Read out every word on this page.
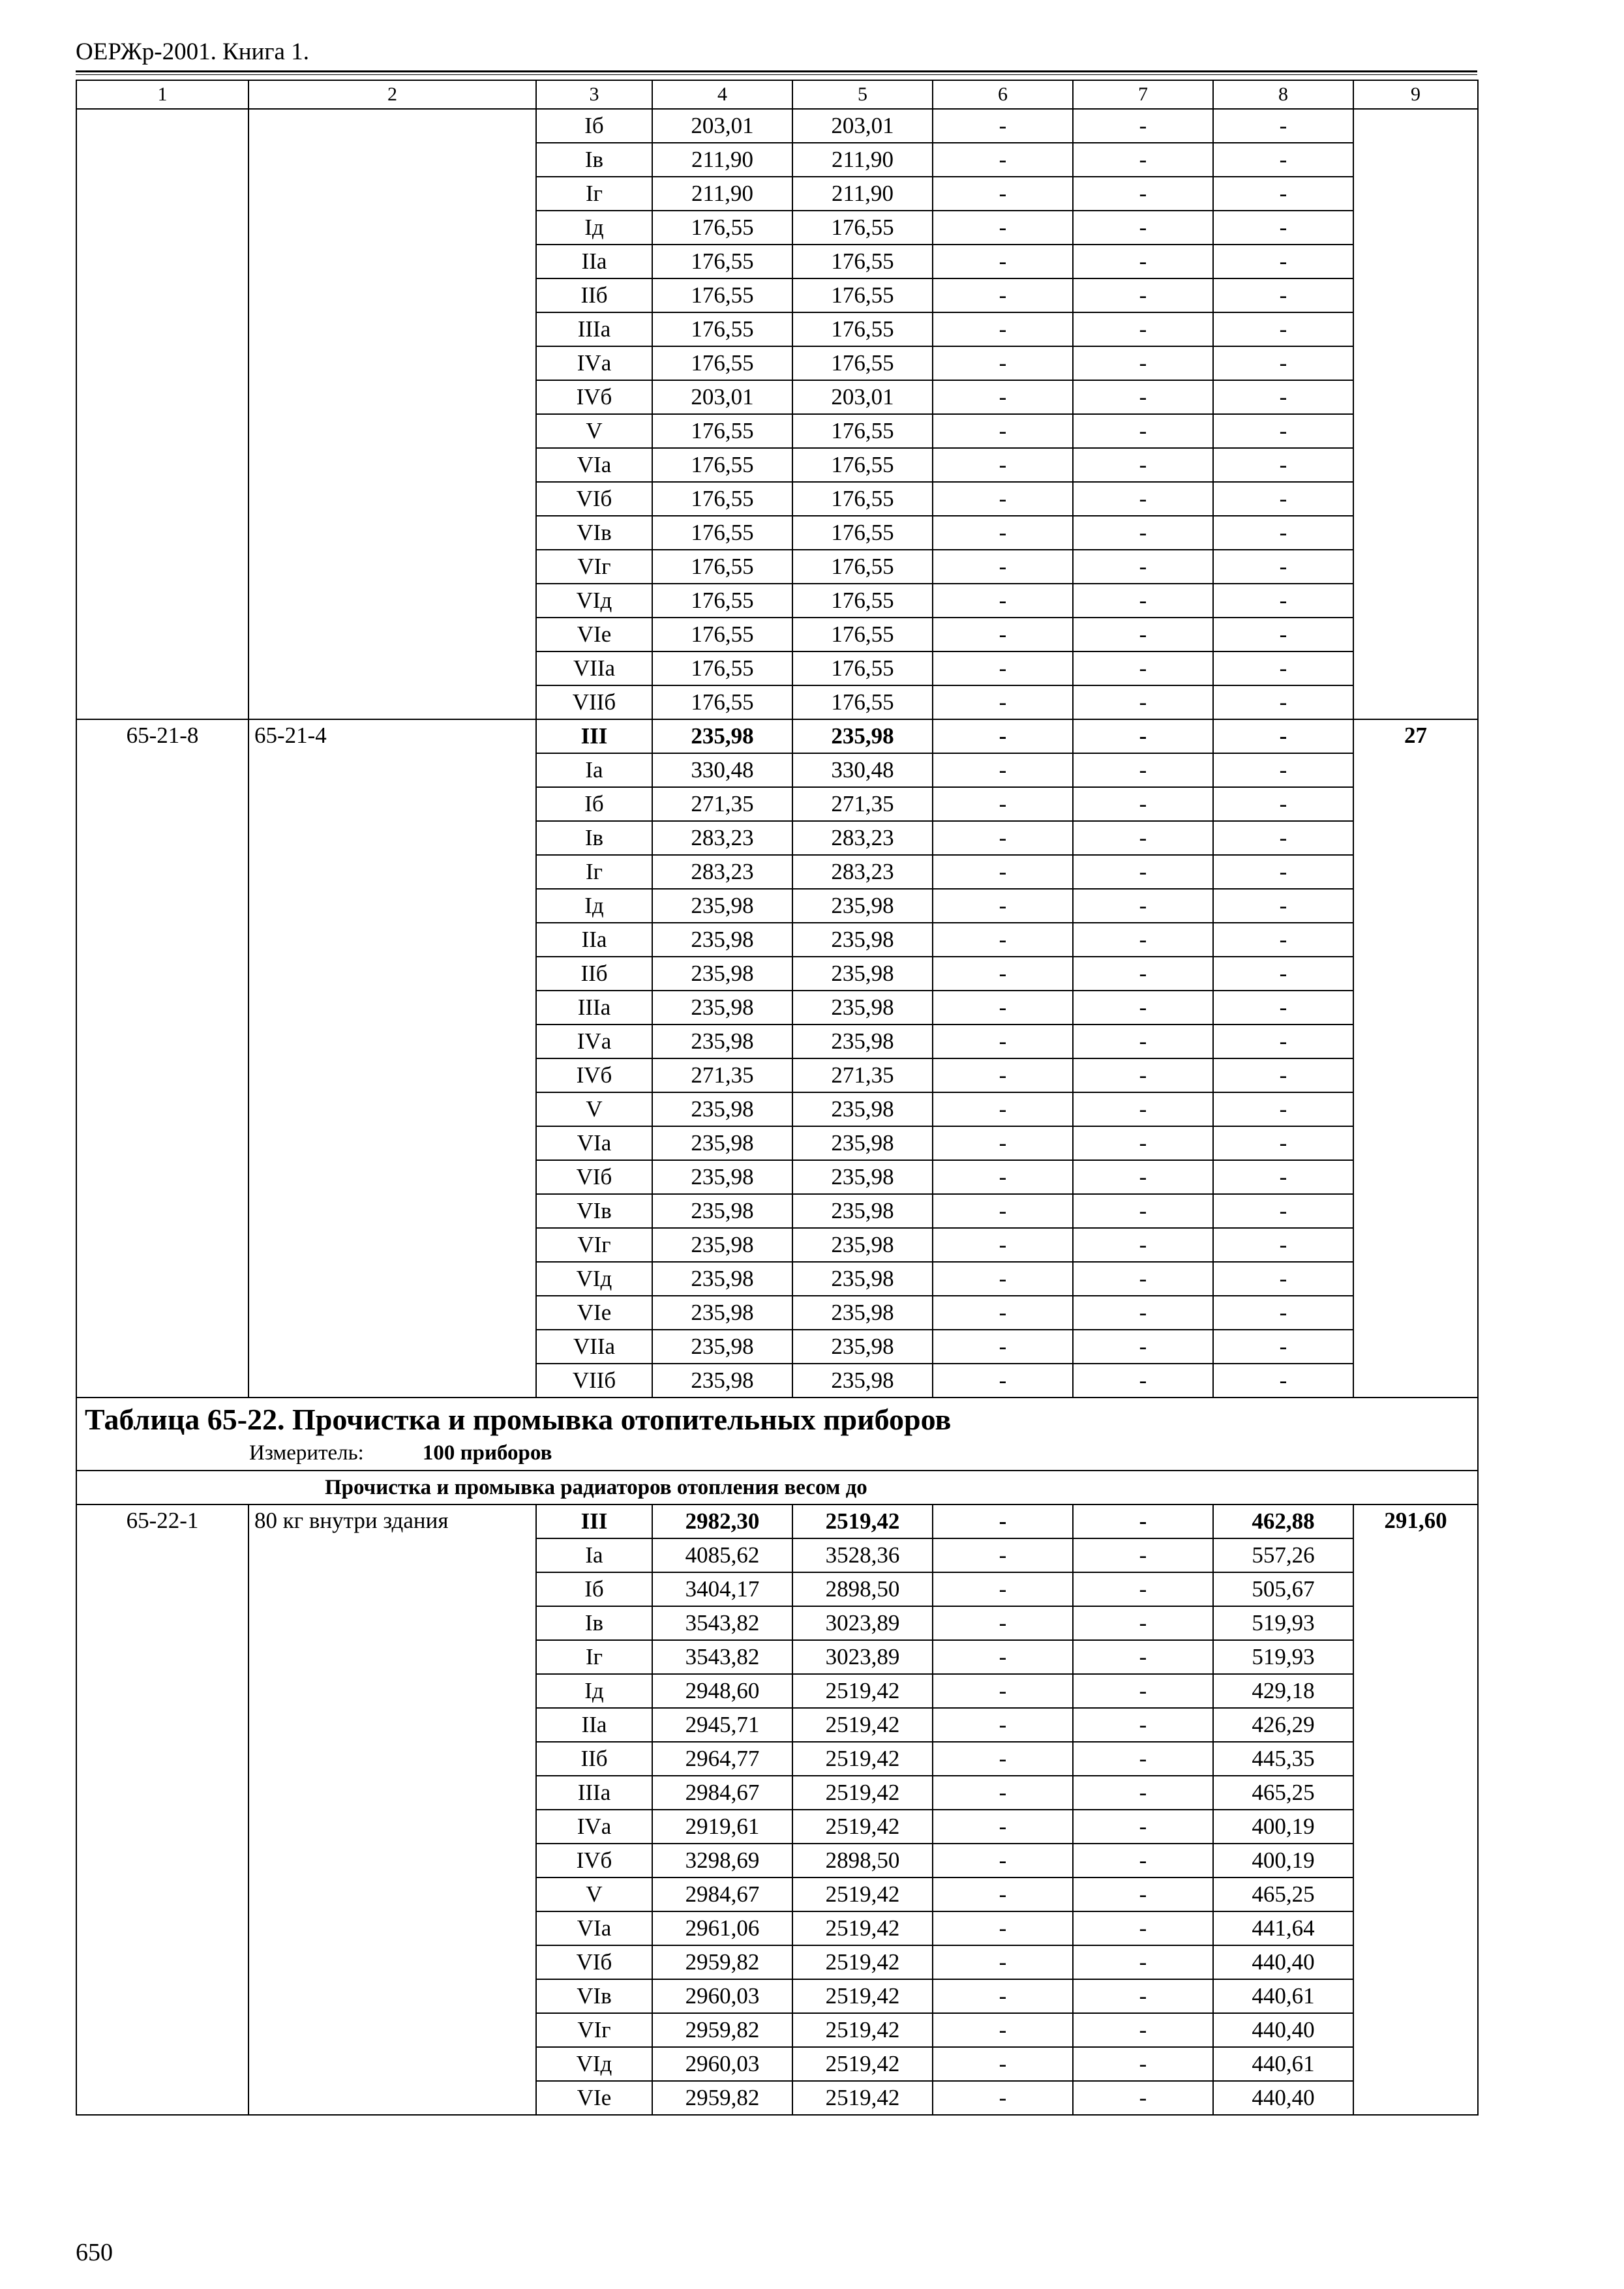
ОЕРЖр-2001. Книга 1.
1	2	3	4	5	6	7	8	9
		Iб	203,01	203,01	-	-	-	
		Iв	211,90	211,90	-	-	-	
		Iг	211,90	211,90	-	-	-	
		Iд	176,55	176,55	-	-	-	
		IIа	176,55	176,55	-	-	-	
		IIб	176,55	176,55	-	-	-	
		IIIа	176,55	176,55	-	-	-	
		IVа	176,55	176,55	-	-	-	
		IVб	203,01	203,01	-	-	-	
		V	176,55	176,55	-	-	-	
		VIа	176,55	176,55	-	-	-	
		VIб	176,55	176,55	-	-	-	
		VIв	176,55	176,55	-	-	-	
		VIг	176,55	176,55	-	-	-	
		VIд	176,55	176,55	-	-	-	
		VIе	176,55	176,55	-	-	-	
		VIIа	176,55	176,55	-	-	-	
		VIIб	176,55	176,55	-	-	-	
65-21-8	65-21-4	III	235,98	235,98	-	-	-	27
		Iа	330,48	330,48	-	-	-	
		Iб	271,35	271,35	-	-	-	
		Iв	283,23	283,23	-	-	-	
		Iг	283,23	283,23	-	-	-	
		Iд	235,98	235,98	-	-	-	
		IIа	235,98	235,98	-	-	-	
		IIб	235,98	235,98	-	-	-	
		IIIа	235,98	235,98	-	-	-	
		IVа	235,98	235,98	-	-	-	
		IVб	271,35	271,35	-	-	-	
		V	235,98	235,98	-	-	-	
		VIа	235,98	235,98	-	-	-	
		VIб	235,98	235,98	-	-	-	
		VIв	235,98	235,98	-	-	-	
		VIг	235,98	235,98	-	-	-	
		VIд	235,98	235,98	-	-	-	
		VIе	235,98	235,98	-	-	-	
		VIIа	235,98	235,98	-	-	-	
		VIIб	235,98	235,98	-	-	-	

Таблица 65-22. Прочистка и промывка отопительных приборов
Измеритель: 100 приборов								

Прочистка и промывка радиаторов отопления весом до								
65-22-1	80 кг внутри здания	III	2982,30	2519,42	-	-	462,88	291,60
		Iа	4085,62	3528,36	-	-	557,26	
		Iб	3404,17	2898,50	-	-	505,67	
		Iв	3543,82	3023,89	-	-	519,93	
		Iг	3543,82	3023,89	-	-	519,93	
		Iд	2948,60	2519,42	-	-	429,18	
		IIа	2945,71	2519,42	-	-	426,29	
		IIб	2964,77	2519,42	-	-	445,35	
		IIIа	2984,67	2519,42	-	-	465,25	
		IVа	2919,61	2519,42	-	-	400,19	
		IVб	3298,69	2898,50	-	-	400,19	
		V	2984,67	2519,42	-	-	465,25	
		VIа	2961,06	2519,42	-	-	441,64	
		VIб	2959,82	2519,42	-	-	440,40	
		VIв	2960,03	2519,42	-	-	440,61	
		VIг	2959,82	2519,42	-	-	440,40	
		VIд	2960,03	2519,42	-	-	440,61	
		VIе	2959,82	2519,42	-	-	440,40	
650
